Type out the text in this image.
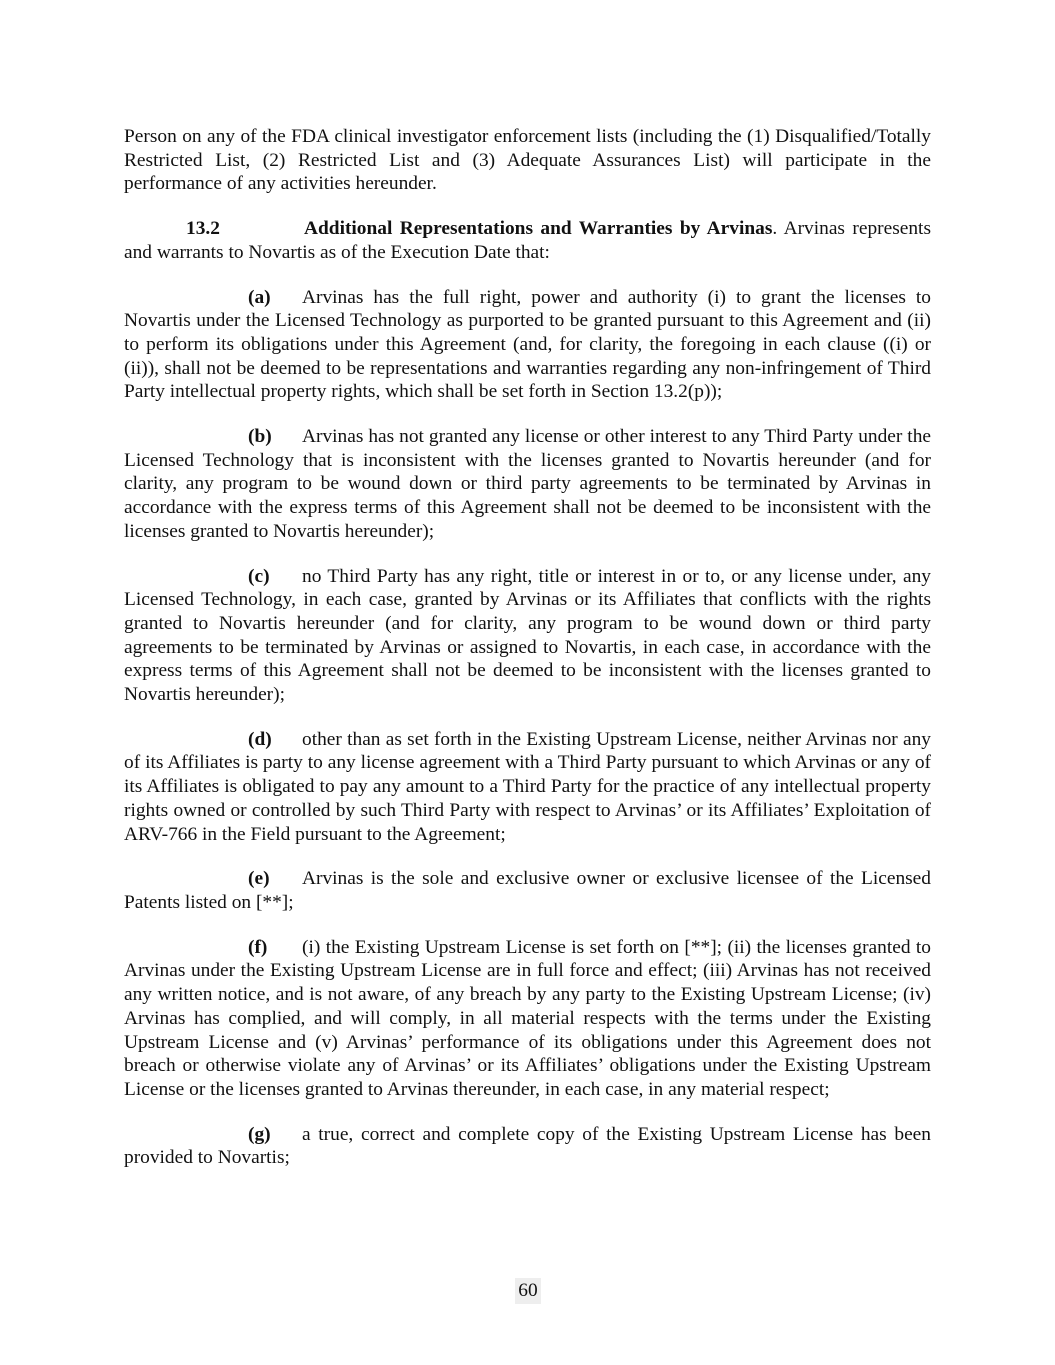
Person on any of the FDA clinical investigator enforcement lists (including the (1) Disqualified/Totally Restricted List, (2) Restricted List and (3) Adequate Assurances List) will participate in the performance of any activities hereunder.

13.2	Additional Representations and Warranties by Arvinas. Arvinas represents and warrants to Novartis as of the Execution Date that:

(a) Arvinas has the full right, power and authority (i) to grant the licenses to Novartis under the Licensed Technology as purported to be granted pursuant to this Agreement and (ii) to perform its obligations under this Agreement (and, for clarity, the foregoing in each clause ((i) or (ii)), shall not be deemed to be representations and warranties regarding any non-infringement of Third Party intellectual property rights, which shall be set forth in Section 13.2(p));

(b) Arvinas has not granted any license or other interest to any Third Party under the Licensed Technology that is inconsistent with the licenses granted to Novartis hereunder (and for clarity, any program to be wound down or third party agreements to be terminated by Arvinas in accordance with the express terms of this Agreement shall not be deemed to be inconsistent with the licenses granted to Novartis hereunder);

(c) no Third Party has any right, title or interest in or to, or any license under, any Licensed Technology, in each case, granted by Arvinas or its Affiliates that conflicts with the rights granted to Novartis hereunder (and for clarity, any program to be wound down or third party agreements to be terminated by Arvinas or assigned to Novartis, in each case, in accordance with the express terms of this Agreement shall not be deemed to be inconsistent with the licenses granted to Novartis hereunder);

(d) other than as set forth in the Existing Upstream License, neither Arvinas nor any of its Affiliates is party to any license agreement with a Third Party pursuant to which Arvinas or any of its Affiliates is obligated to pay any amount to a Third Party for the practice of any intellectual property rights owned or controlled by such Third Party with respect to Arvinas’ or its Affiliates’ Exploitation of ARV-766 in the Field pursuant to the Agreement;

(e) Arvinas is the sole and exclusive owner or exclusive licensee of the Licensed Patents listed on [**];

(f) (i) the Existing Upstream License is set forth on [**]; (ii) the licenses granted to Arvinas under the Existing Upstream License are in full force and effect; (iii) Arvinas has not received any written notice, and is not aware, of any breach by any party to the Existing Upstream License; (iv) Arvinas has complied, and will comply, in all material respects with the terms under the Existing Upstream License and (v) Arvinas’ performance of its obligations under this Agreement does not breach or otherwise violate any of Arvinas’ or its Affiliates’ obligations under the Existing Upstream License or the licenses granted to Arvinas thereunder, in each case, in any material respect;

(g) a true, correct and complete copy of the Existing Upstream License has been provided to Novartis;

60
